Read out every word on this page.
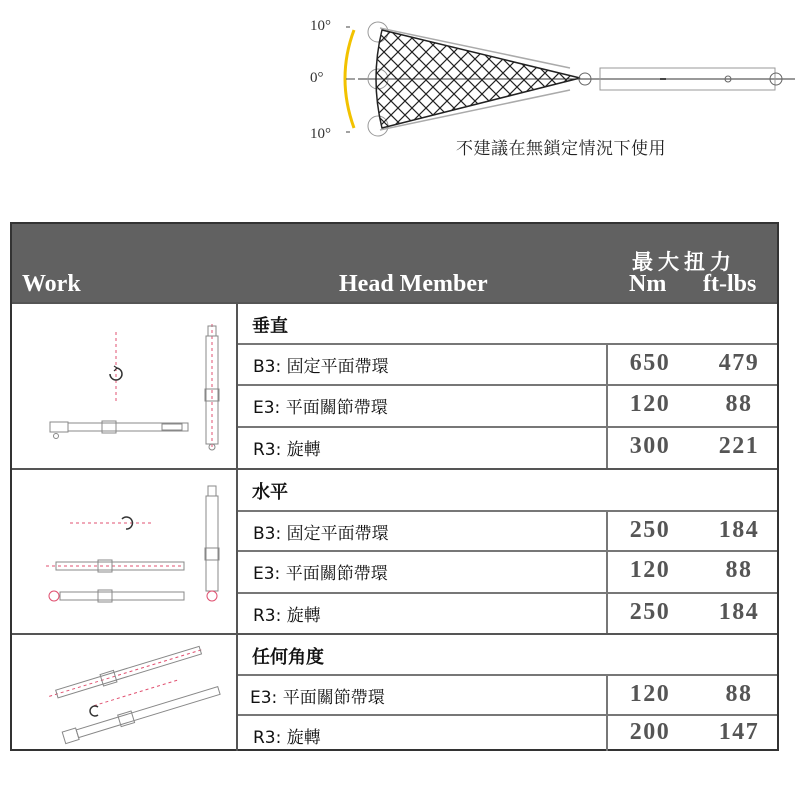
10°
0°
10°
不建議在無鎖定情況下使用
Work	Head Member
最大扭力
Nm ft-lbs
垂直
B3: 固定平面帶環	650	479
E3: 平面關節帶環	120	88
R3: 旋轉	300	221
水平
B3: 固定平面帶環	250	184
E3: 平面關節帶環	120	88
R3: 旋轉	250	184
任何角度
E3: 平面關節帶環	120	88
R3: 旋轉	200	147
